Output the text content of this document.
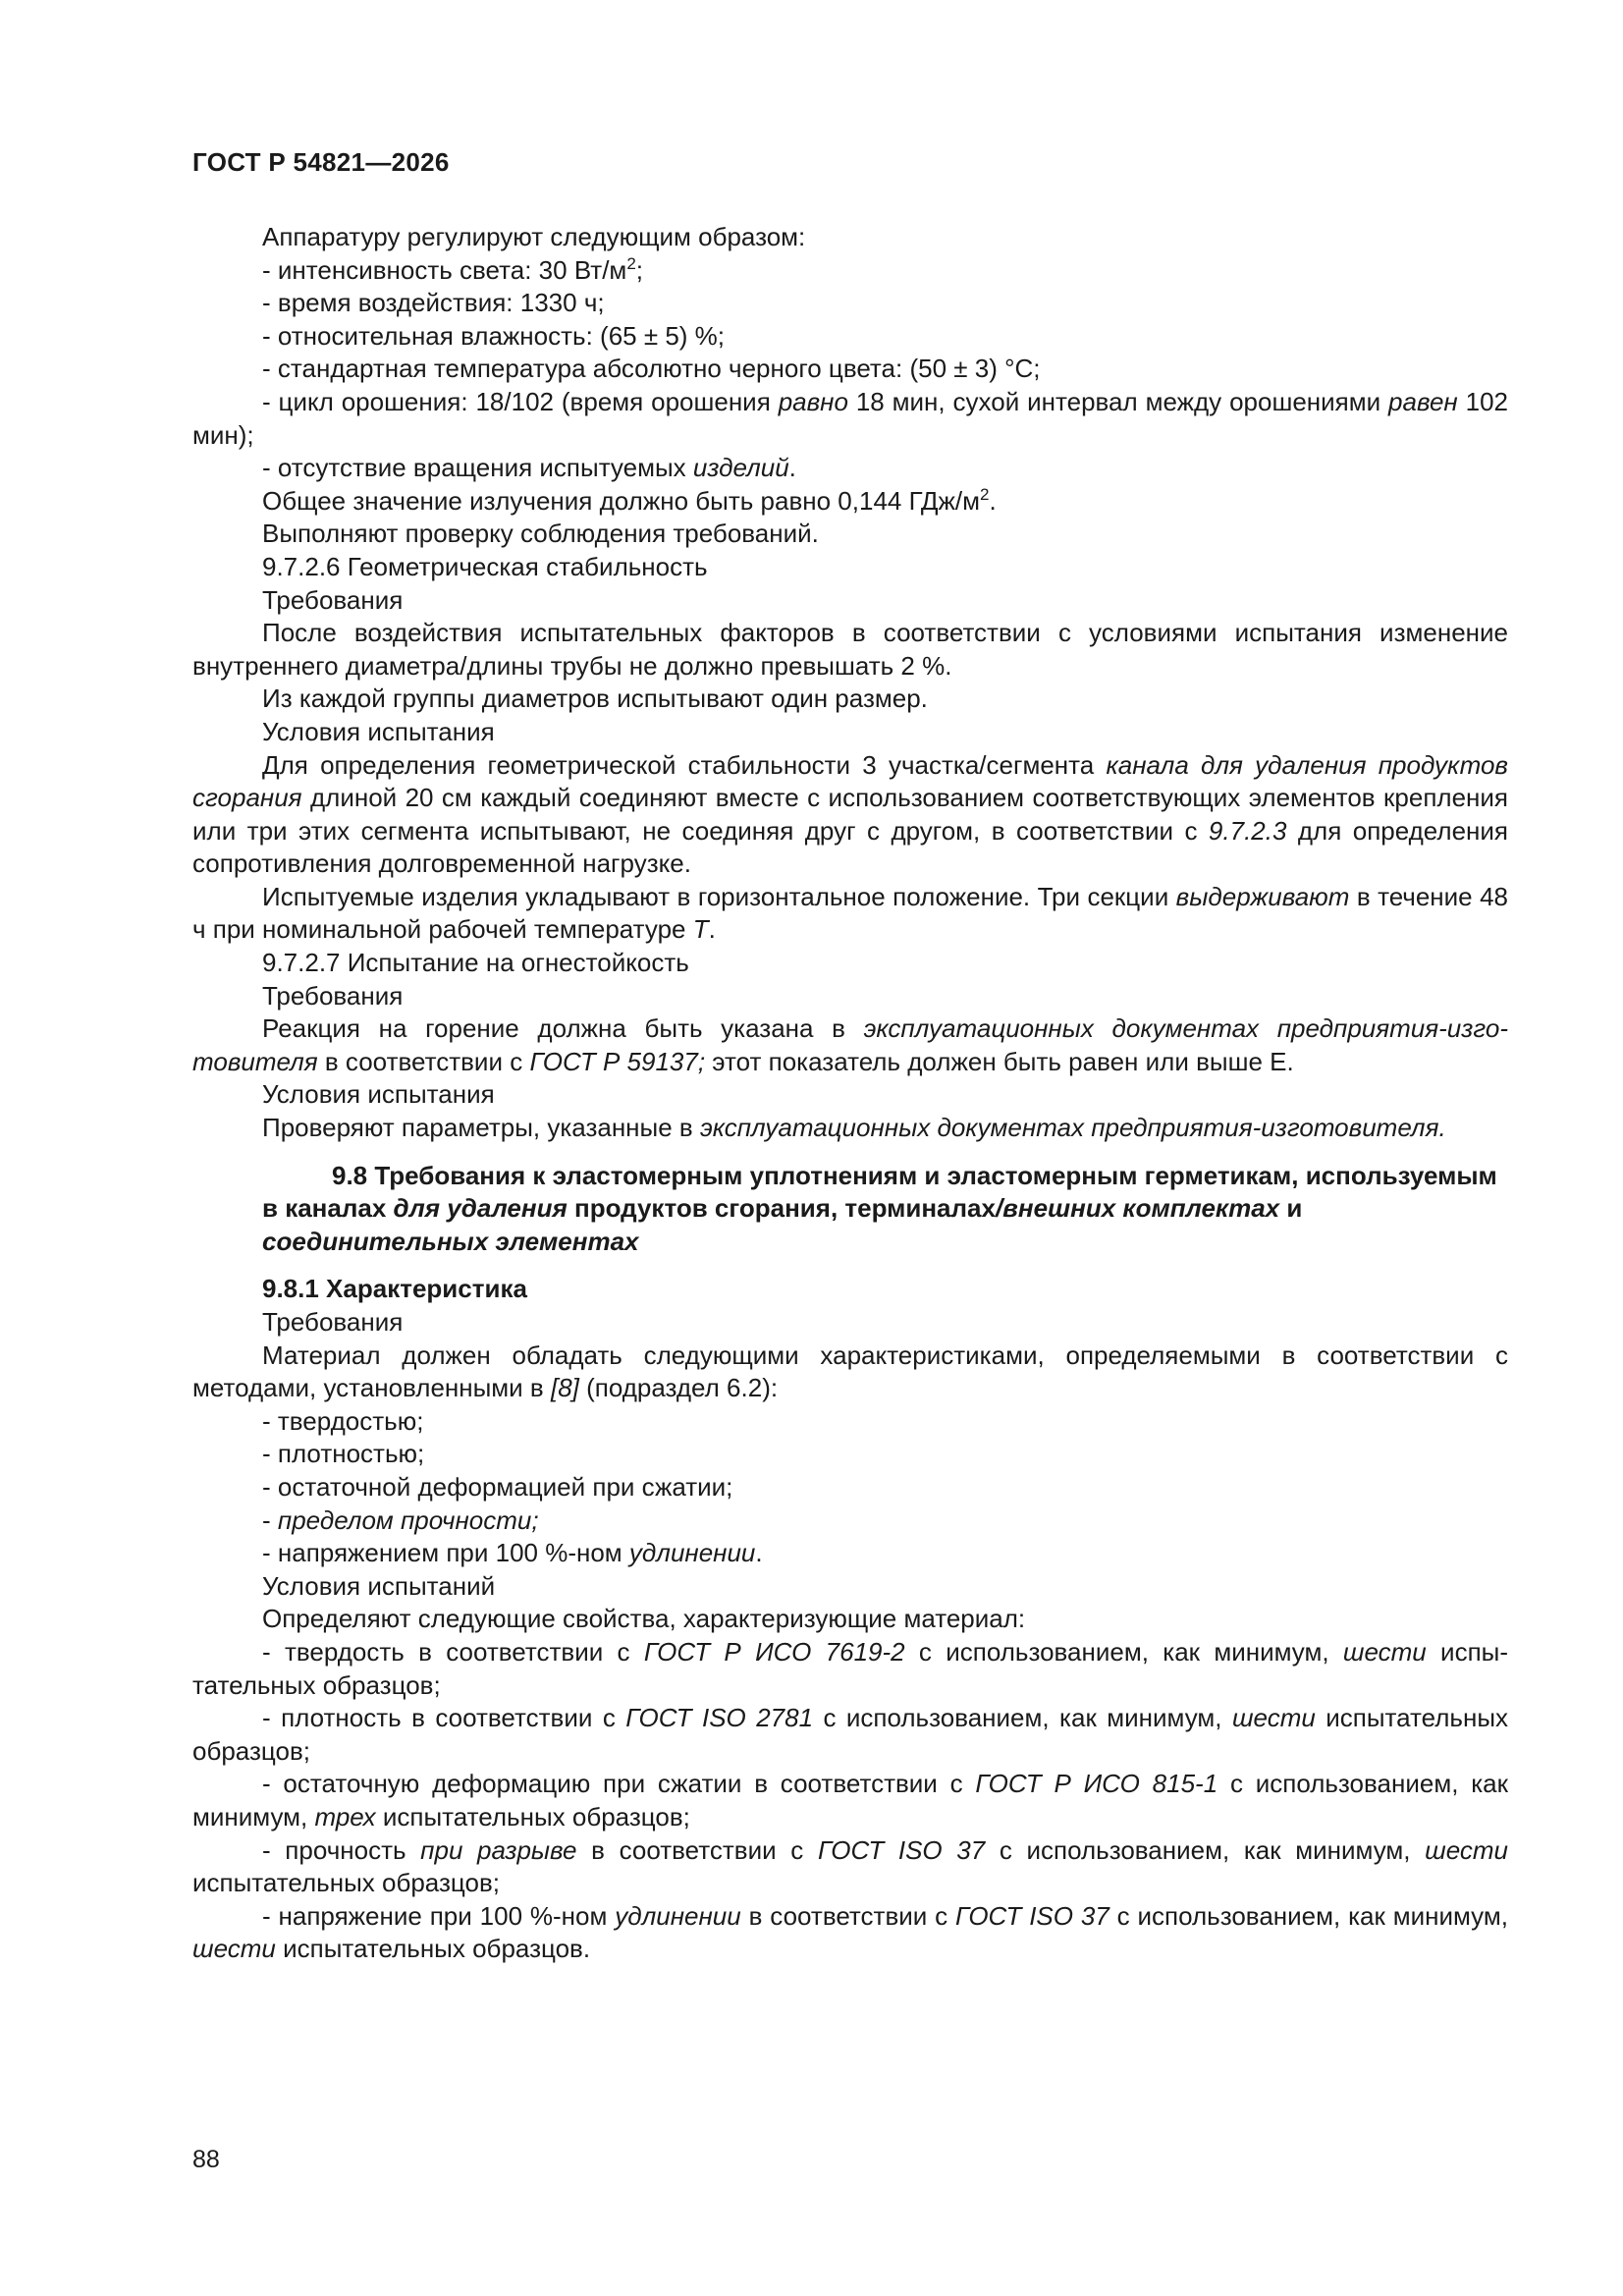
ГОСТ Р 54821—2026

Аппаратуру регулируют следующим образом:

- интенсивность света: 30 $Вт/м^2$;

- время воздействия: 1330 ч;

- относительная влажность: (65 ± 5) %;

- стандартная температура абсолютно черного цвета: (50 ± 3) °С;

- цикл орошения: 18/102 (время орошения равно 18 мин, сухой интервал между орошениями равен 102 мин);

- отсутствие вращения испытуемых изделий.

Общее значение излучения должно быть равно 0,144 ГДж/$м^2$.

Выполняют проверку соблюдения требований.

9.7.2.6 Геометрическая стабильность

Требования

После воздействия испытательных факторов в соответствии с условиями испытания изменение внутреннего диаметра/длины трубы не должно превышать 2 %.

Из каждой группы диаметров испытывают один размер.

Условия испытания

Для определения геометрической стабильности 3 участка/сегмента канала для удаления продуктов сгорания длиной 20 см каждый соединяют вместе с использованием соответствующих элементов крепления или три этих сегмента испытывают, не соединяя друг с другом, в соответствии с 9.7.2.3 для определения сопротивления долговременной нагрузке.

Испытуемые изделия укладывают в горизонтальное положение. Три секции выдерживают в течение 48 ч при номинальной рабочей температуре Т.

9.7.2.7 Испытание на огнестойкость

Требования

Реакция на горение должна быть указана в эксплуатационных документах предприятия-изготовителя в соответствии с ГОСТ Р 59137; этот показатель должен быть равен или выше Е.

Условия испытания

Проверяют параметры, указанные в эксплуатационных документах предприятия-изготовителя.

9.8 Требования к эластомерным уплотнениям и эластомерным герметикам, используемым в каналах для удаления продуктов сгорания, терминалах/внешних комплектах и соединительных элементах

9.8.1 Характеристика

Требования

Материал должен обладать следующими характеристиками, определяемыми в соответствии с методами, установленными в [8] (подраздел 6.2):

- твердостью;

- плотностью;

- остаточной деформацией при сжатии;

- пределом прочности;

- напряжением при 100 %-ном удлинении.

Условия испытаний

Определяют следующие свойства, характеризующие материал:

- твердость в соответствии с ГОСТ Р ИСО 7619-2 с использованием, как минимум, шести испытательных образцов;

- плотность в соответствии с ГОСТ ISO 2781 с использованием, как минимум, шести испытательных образцов;

- остаточную деформацию при сжатии в соответствии с ГОСТ Р ИСО 815-1 с использованием, как минимум, трех испытательных образцов;

- прочность при разрыве в соответствии с ГОСТ ISO 37 с использованием, как минимум, шести испытательных образцов;

- напряжение при 100 %-ном удлинении в соответствии с ГОСТ ISO 37 с использованием, как минимум, шести испытательных образцов.

88
